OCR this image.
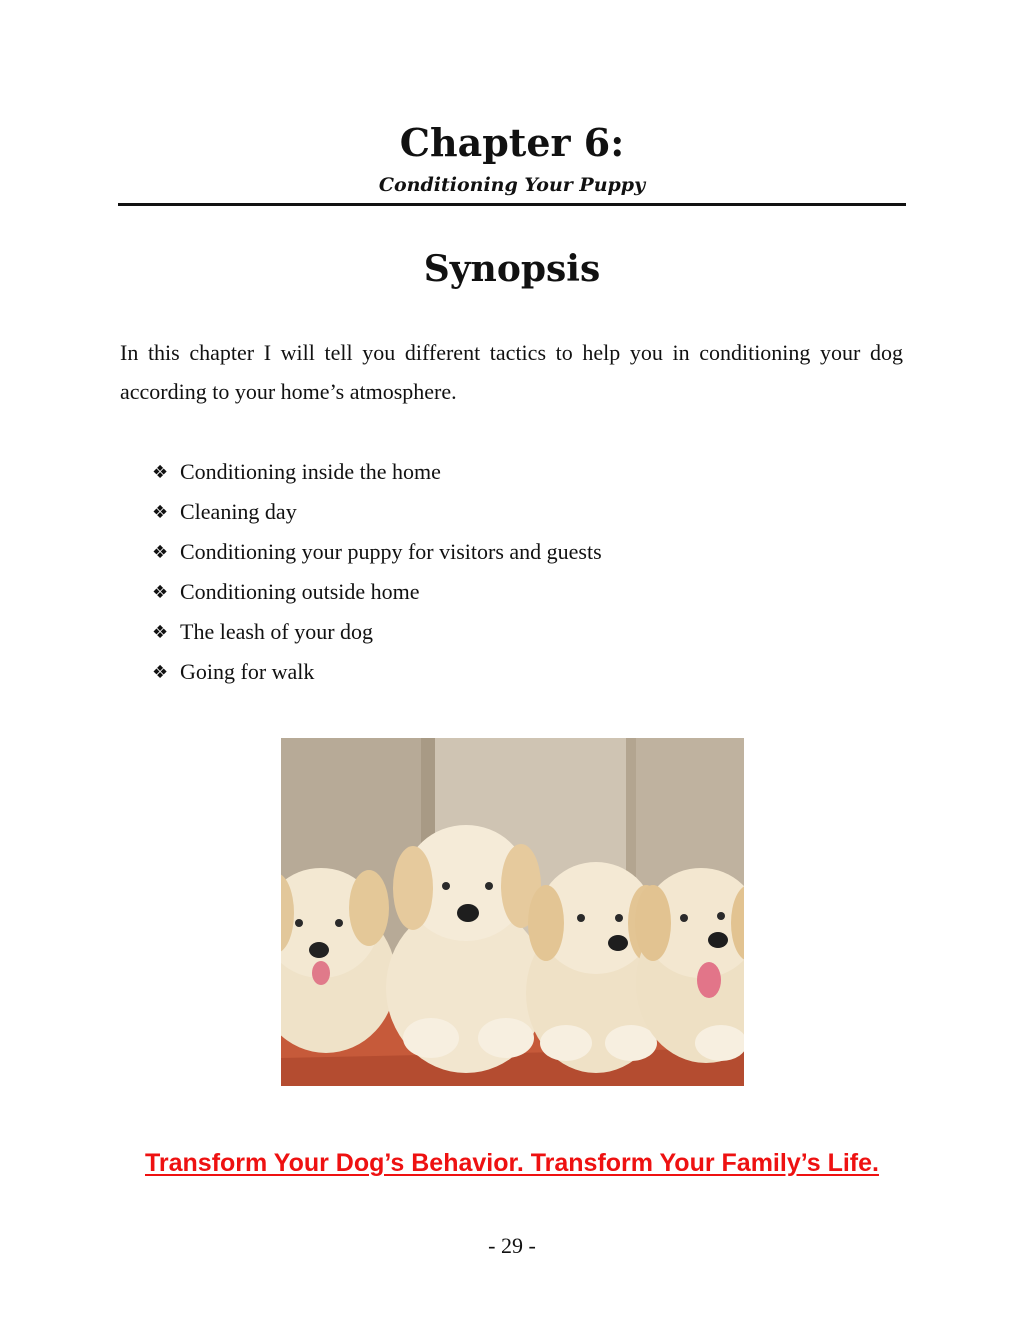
Chapter 6:
Conditioning Your Puppy
Synopsis

In this chapter I will tell you different tactics to help you in conditioning your dog according to your home’s atmosphere.

❖ Conditioning inside the home
❖ Cleaning day
❖ Conditioning your puppy for visitors and guests
❖ Conditioning outside home
❖ The leash of your dog
❖ Going for walk

Transform Your Dog’s Behavior. Transform Your Family’s Life.

- 29 -
